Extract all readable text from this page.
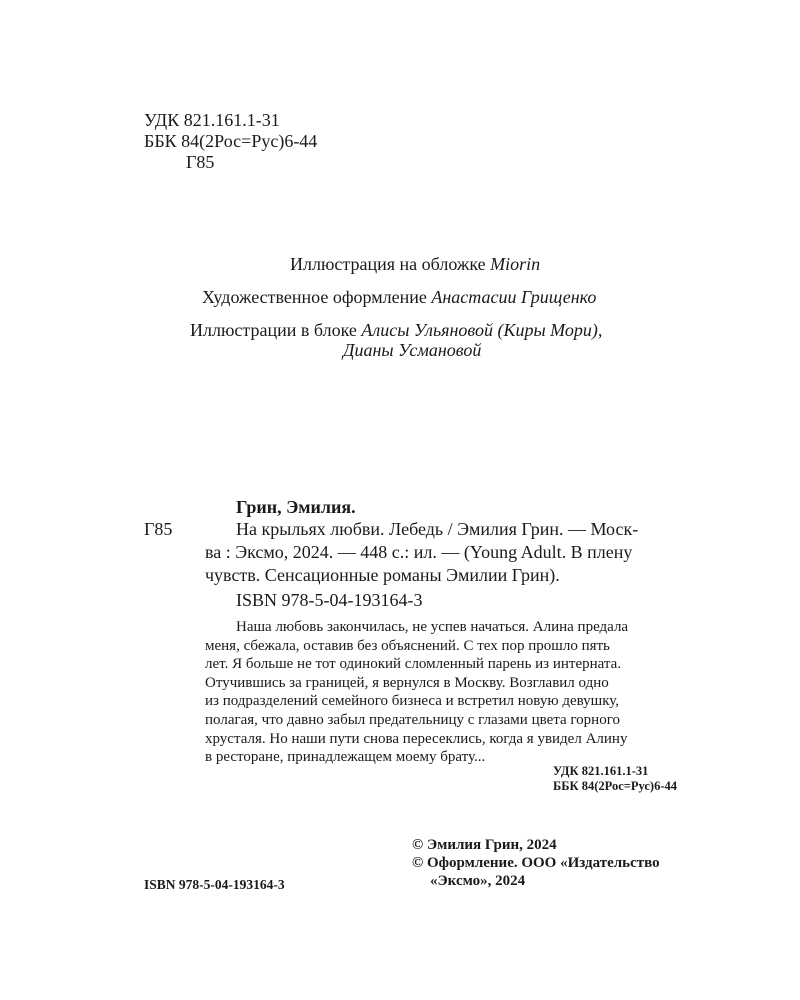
УДК 821.161.1-31
ББК 84(2Рос=Рус)6-44
Г85
Иллюстрация на обложке Miorin
Художественное оформление Анастасии Грищенко
Иллюстрации в блоке Алисы Ульяновой (Киры Мори),
Дианы Усмановой
Грин, Эмилия.
Г85	На крыльях любви. Лебедь / Эмилия Грин. — Моск-
ва : Эксмо, 2024. — 448 с.: ил. — (Young Adult. В плену
чувств. Сенсационные романы Эмилии Грин).
ISBN 978-5-04-193164-3
Наша любовь закончилась, не успев начаться. Алина предала
меня, сбежала, оставив без объяснений. С тех пор прошло пять
лет. Я больше не тот одинокий сломленный парень из интерната.
Отучившись за границей, я вернулся в Москву. Возглавил одно
из подразделений семейного бизнеса и встретил новую девушку,
полагая, что давно забыл предательницу с глазами цвета горного
хрусталя. Но наши пути снова пересеклись, когда я увидел Алину
в ресторане, принадлежащем моему брату...
УДК 821.161.1-31
ББК 84(2Рос=Рус)6-44
© Эмилия Грин, 2024
© Оформление. ООО «Издательство
«Эксмо», 2024
ISBN 978-5-04-193164-3
